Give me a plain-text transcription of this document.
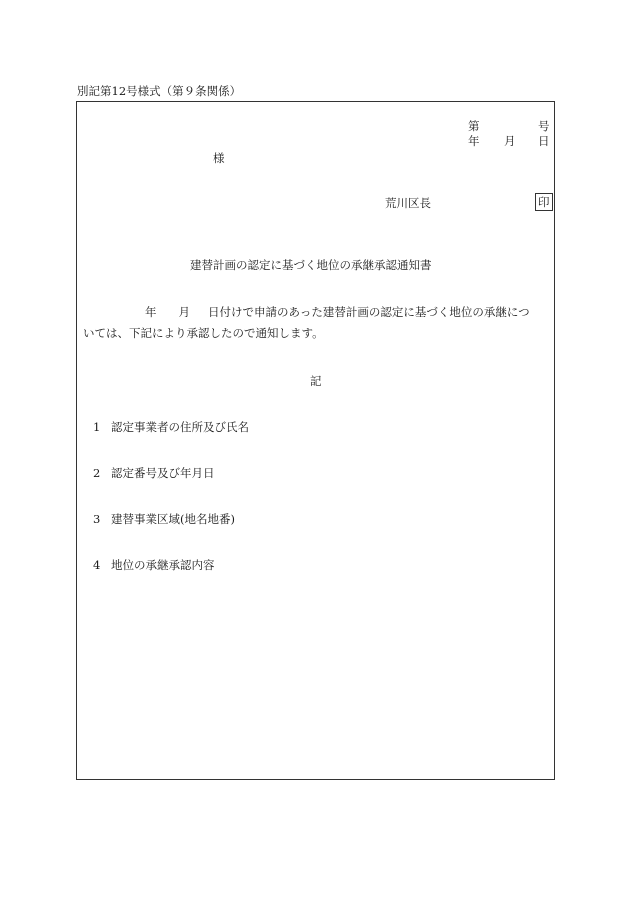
別記第12号様式（第９条関係）
第	号
年 月 日
様
荒川区長	印
建替計画の認定に基づく地位の承継承認通知書

年 月 日付けで申請のあった建替計画の認定に基づく地位の承継につ

いては、下記により承認したので通知します。

記
1 認定事業者の住所及び氏名
2 認定番号及び年月日
3 建替事業区域(地名地番)
4 地位の承継承認内容
